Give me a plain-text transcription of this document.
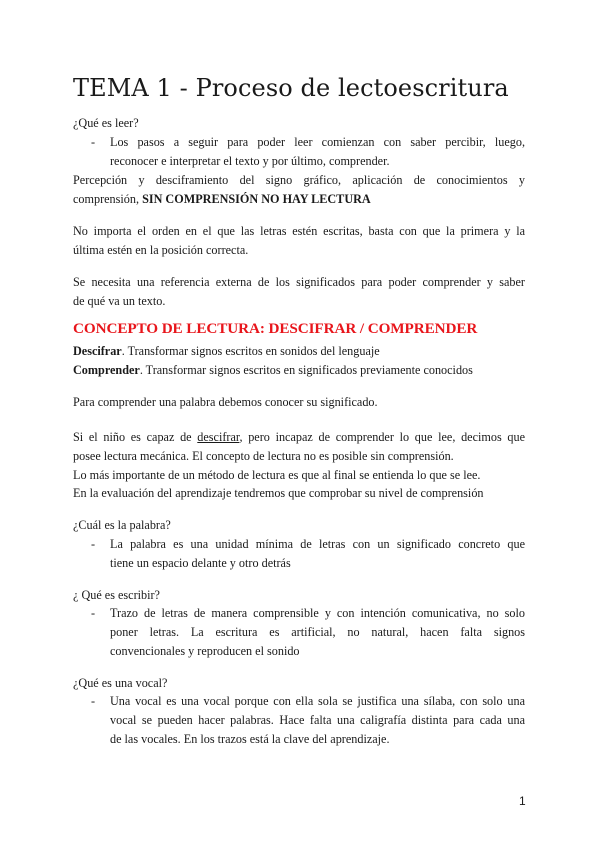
TEMA 1 - Proceso de lectoescritura

¿Qué es leer?

- Los pasos a seguir para poder leer comienzan con saber percibir, luego,

reconocer e interpretar el texto y por último, comprender.

Percepción y desciframiento del signo gráfico, aplicación de conocimientos y

comprensión, SIN COMPRENSIÓN NO HAY LECTURA

No importa el orden en el que las letras estén escritas, basta con que la primera y la

última estén en la posición correcta.

Se necesita una referencia externa de los significados para poder comprender y saber

de qué va un texto.

CONCEPTO DE LECTURA: DESCIFRAR / COMPRENDER

Descifrar. Transformar signos escritos en sonidos del lenguaje

Comprender. Transformar signos escritos en significados previamente conocidos

Para comprender una palabra debemos conocer su significado.

Si el niño es capaz de descifrar, pero incapaz de comprender lo que lee, decimos que

posee lectura mecánica. El concepto de lectura no es posible sin comprensión.

Lo más importante de un método de lectura es que al final se entienda lo que se lee.

En la evaluación del aprendizaje tendremos que comprobar su nivel de comprensión

¿Cuál es la palabra?

- La palabra es una unidad mínima de letras con un significado concreto que

tiene un espacio delante y otro detrás

¿ Qué es escribir?

- Trazo de letras de manera comprensible y con intención comunicativa, no solo

poner letras. La escritura es artificial, no natural, hacen falta signos

convencionales y reproducen el sonido

¿Qué es una vocal?

- Una vocal es una vocal porque con ella sola se justifica una sílaba, con solo una

vocal se pueden hacer palabras. Hace falta una caligrafía distinta para cada una

de las vocales. En los trazos está la clave del aprendizaje.

1
